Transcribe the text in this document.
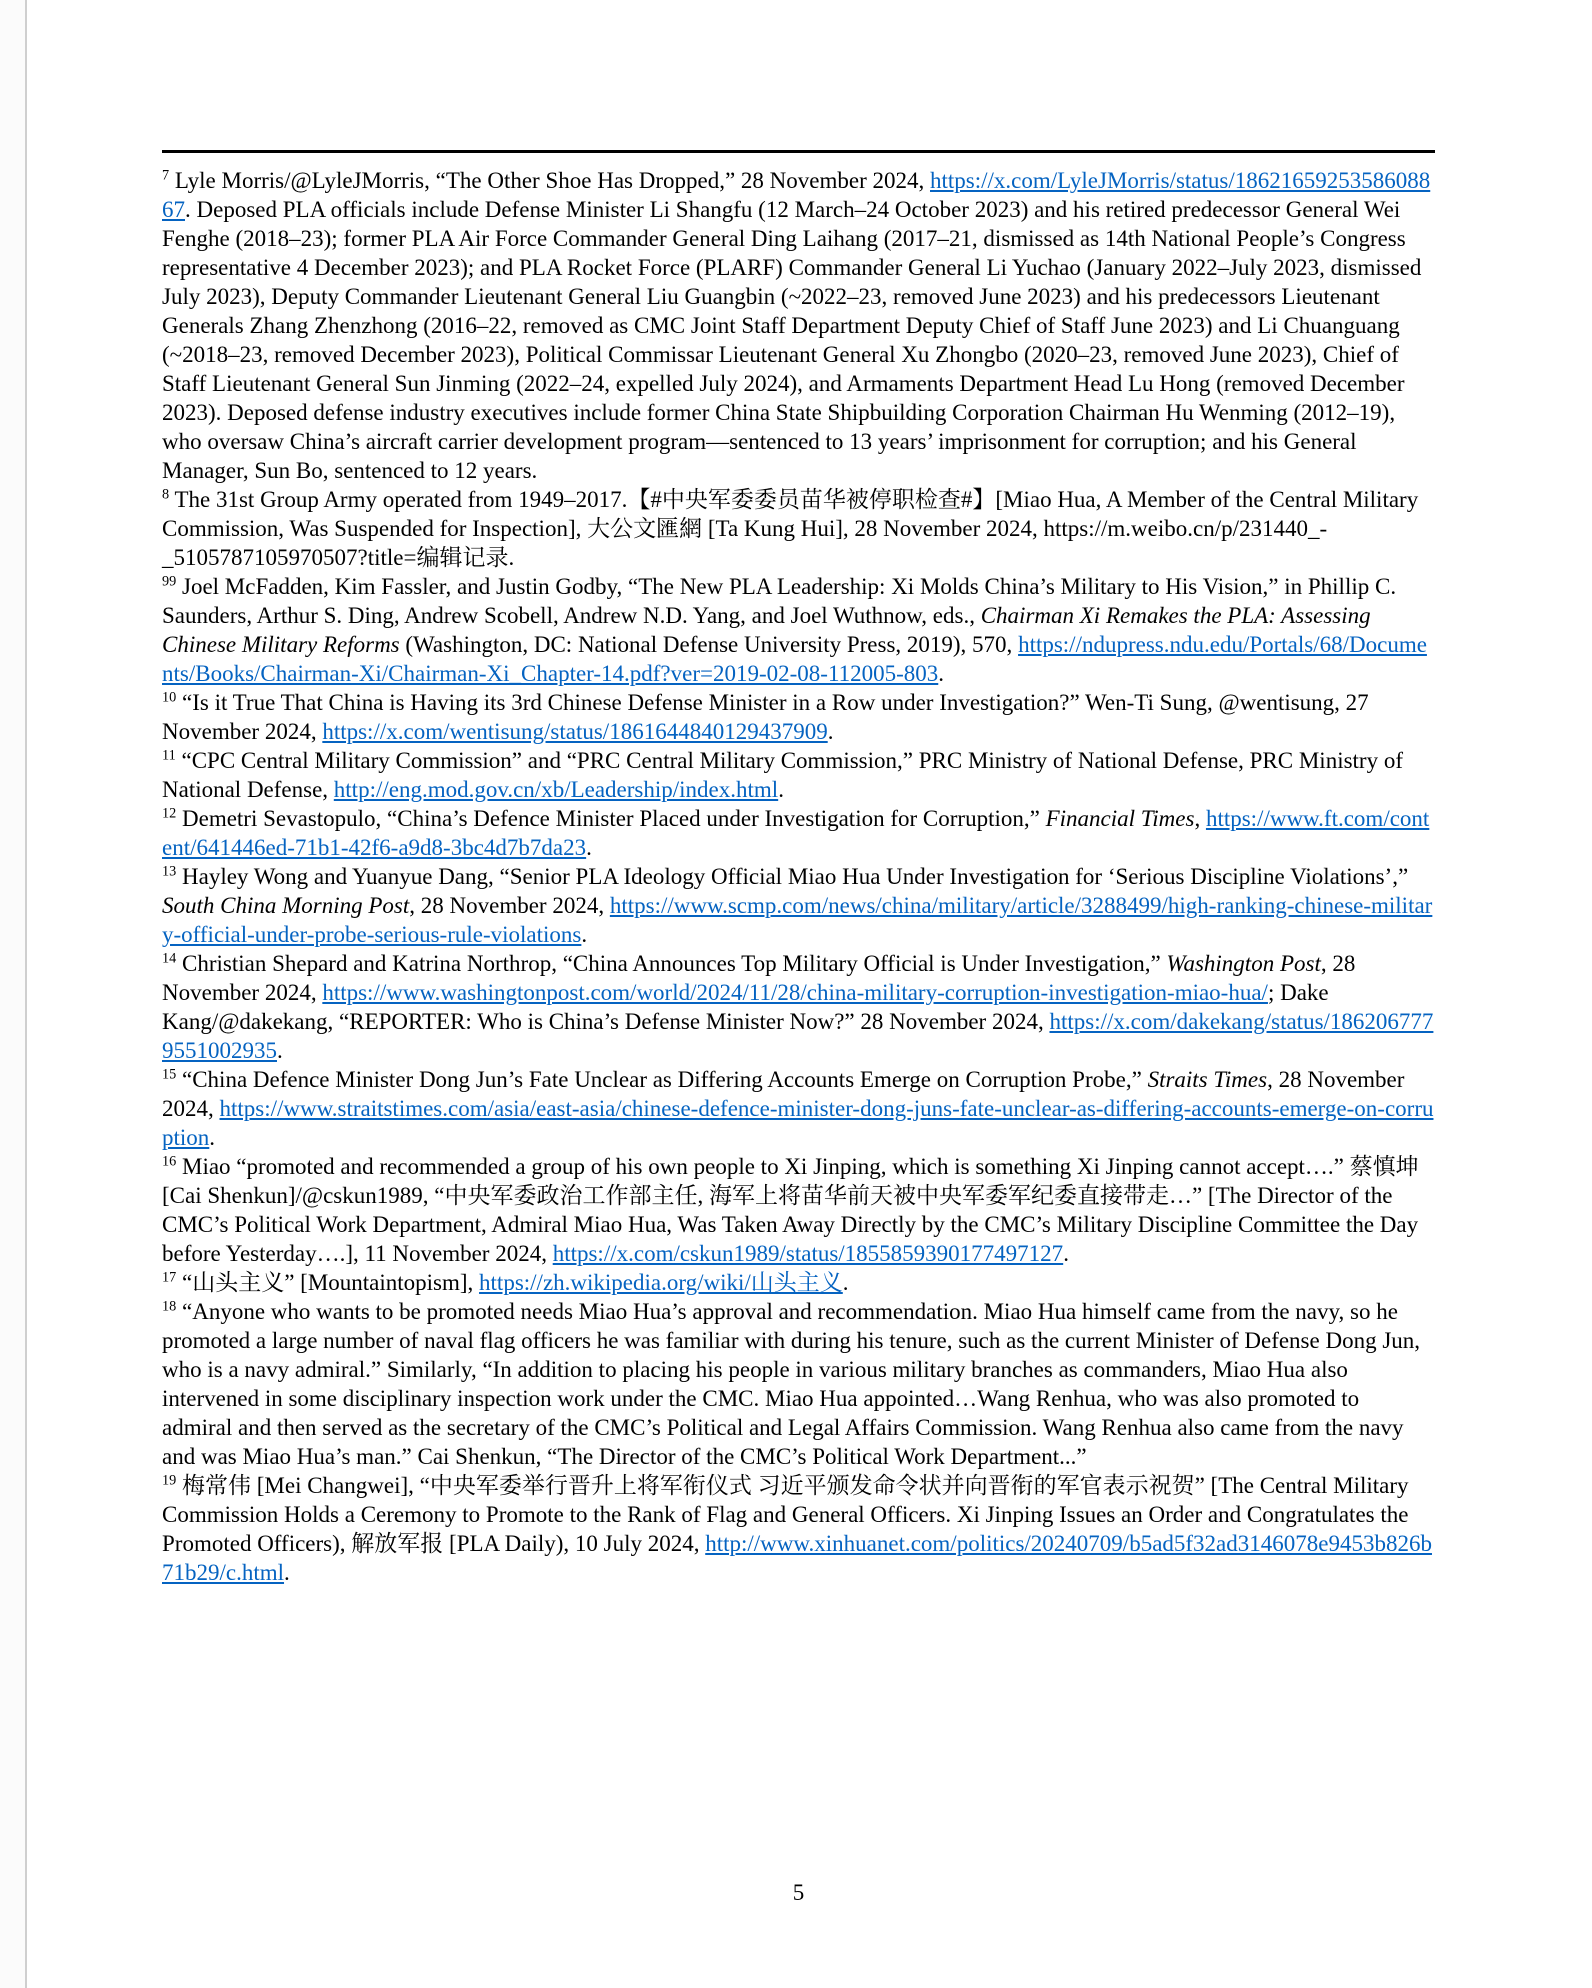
$^7$ Lyle Morris/@LyleJMorris, “The Other Shoe Has Dropped,” 28 November 2024, https://x.com/LyleJMorris/status/1862165925358608867. Deposed PLA officials include Defense Minister Li Shangfu (12 March–24 October 2023) and his retired predecessor General Wei Fenghe (2018–23); former PLA Air Force Commander General Ding Laihang (2017–21, dismissed as 14th National People’s Congress representative 4 December 2023); and PLA Rocket Force (PLARF) Commander General Li Yuchao (January 2022–July 2023, dismissed July 2023), Deputy Commander Lieutenant General Liu Guangbin (~2022–23, removed June 2023) and his predecessors Lieutenant Generals Zhang Zhenzhong (2016–22, removed as CMC Joint Staff Department Deputy Chief of Staff June 2023) and Li Chuanguang (~2018–23, removed December 2023), Political Commissar Lieutenant General Xu Zhongbo (2020–23, removed June 2023), Chief of Staff Lieutenant General Sun Jinming (2022–24, expelled July 2024), and Armaments Department Head Lu Hong (removed December 2023). Deposed defense industry executives include former China State Shipbuilding Corporation Chairman Hu Wenming (2012–19), who oversaw China’s aircraft carrier development program—sentenced to 13 years’ imprisonment for corruption; and his General Manager, Sun Bo, sentenced to 12 years.

$^8$ The 31st Group Army operated from 1949–2017.【#中央军委委员苗华被停职检查#】[Miao Hua, A Member of the Central Military Commission, Was Suspended for Inspection], 大公文匯網 [Ta Kung Hui], 28 November 2024, https://m.weibo.cn/p/231440_-_5105787105970507?title=编辑记录.

$^{99}$ Joel McFadden, Kim Fassler, and Justin Godby, “The New PLA Leadership: Xi Molds China’s Military to His Vision,” in Phillip C. Saunders, Arthur S. Ding, Andrew Scobell, Andrew N.D. Yang, and Joel Wuthnow, eds., Chairman Xi Remakes the PLA: Assessing Chinese Military Reforms (Washington, DC: National Defense University Press, 2019), 570, https://ndupress.ndu.edu/Portals/68/Documents/Books/Chairman-Xi/Chairman-Xi_Chapter-14.pdf?ver=2019-02-08-112005-803.

$^{10}$ “Is it True That China is Having its 3rd Chinese Defense Minister in a Row under Investigation?” Wen-Ti Sung, @wentisung, 27 November 2024, https://x.com/wentisung/status/1861644840129437909.

$^{11}$ “CPC Central Military Commission” and “PRC Central Military Commission,” PRC Ministry of National Defense, PRC Ministry of National Defense, http://eng.mod.gov.cn/xb/Leadership/index.html.

$^{12}$ Demetri Sevastopulo, “China’s Defence Minister Placed under Investigation for Corruption,” Financial Times, https://www.ft.com/content/641446ed-71b1-42f6-a9d8-3bc4d7b7da23.

$^{13}$ Hayley Wong and Yuanyue Dang, “Senior PLA Ideology Official Miao Hua Under Investigation for ‘Serious Discipline Violations’,” South China Morning Post, 28 November 2024, https://www.scmp.com/news/china/military/article/3288499/high-ranking-chinese-military-official-under-probe-serious-rule-violations.

$^{14}$ Christian Shepard and Katrina Northrop, “China Announces Top Military Official is Under Investigation,” Washington Post, 28 November 2024, https://www.washingtonpost.com/world/2024/11/28/china-military-corruption-investigation-miao-hua/; Dake Kang/@dakekang, “REPORTER: Who is China’s Defense Minister Now?” 28 November 2024, https://x.com/dakekang/status/1862067779551002935.

$^{15}$ “China Defence Minister Dong Jun’s Fate Unclear as Differing Accounts Emerge on Corruption Probe,” Straits Times, 28 November 2024, https://www.straitstimes.com/asia/east-asia/chinese-defence-minister-dong-juns-fate-unclear-as-differing-accounts-emerge-on-corruption.

$^{16}$ Miao “promoted and recommended a group of his own people to Xi Jinping, which is something Xi Jinping cannot accept….” 蔡慎坤 [Cai Shenkun]/@cskun1989, “中央军委政治工作部主任, 海军上将苗华前天被中央军委军纪委直接带走…” [The Director of the CMC’s Political Work Department, Admiral Miao Hua, Was Taken Away Directly by the CMC’s Military Discipline Committee the Day before Yesterday….], 11 November 2024, https://x.com/cskun1989/status/1855859390177497127.

$^{17}$ “山头主义” [Mountaintopism], https://zh.wikipedia.org/wiki/山头主义.

$^{18}$ “Anyone who wants to be promoted needs Miao Hua’s approval and recommendation. Miao Hua himself came from the navy, so he promoted a large number of naval flag officers he was familiar with during his tenure, such as the current Minister of Defense Dong Jun, who is a navy admiral.” Similarly, “In addition to placing his people in various military branches as commanders, Miao Hua also intervened in some disciplinary inspection work under the CMC. Miao Hua appointed…Wang Renhua, who was also promoted to admiral and then served as the secretary of the CMC’s Political and Legal Affairs Commission. Wang Renhua also came from the navy and was Miao Hua’s man.” Cai Shenkun, “The Director of the CMC’s Political Work Department...”

$^{19}$ 梅常伟 [Mei Changwei], “中央军委举行晋升上将军衔仪式 习近平颁发命令状并向晋衔的军官表示祝贺” [The Central Military Commission Holds a Ceremony to Promote to the Rank of Flag and General Officers. Xi Jinping Issues an Order and Congratulates the Promoted Officers), 解放军报 [PLA Daily), 10 July 2024, http://www.xinhuanet.com/politics/20240709/b5ad5f32ad3146078e9453b826b71b29/c.html.

5
